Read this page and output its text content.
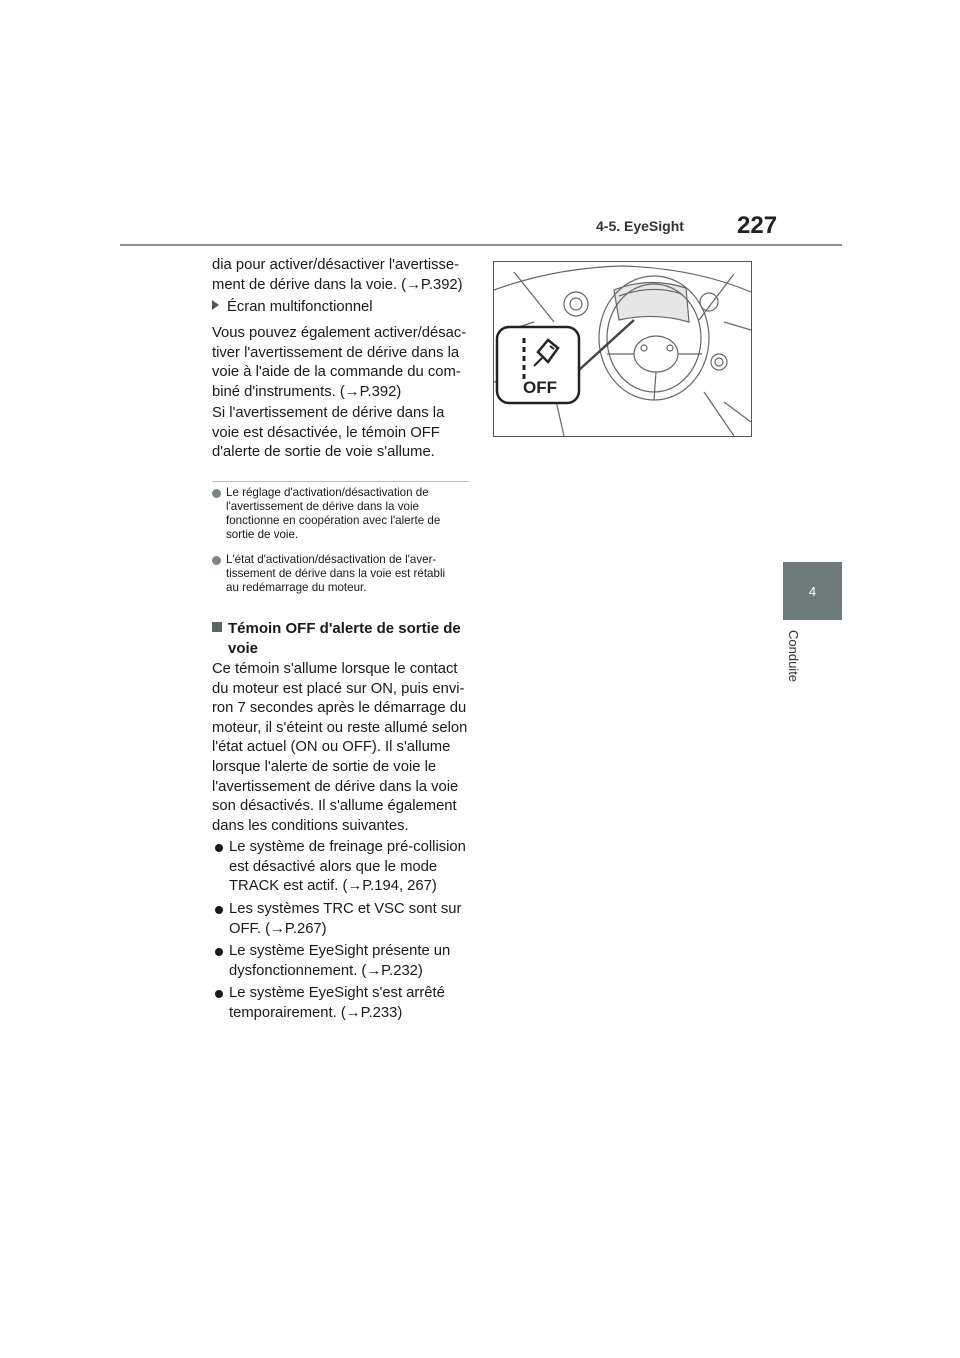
4-5. EyeSight 227
4
Conduite
dia pour activer/désactiver l'avertisse-
ment de dérive dans la voie. (→P.392)
Écran multifonctionnel
Vous pouvez également activer/désac-
tiver l'avertissement de dérive dans la
voie à l'aide de la commande du com-
biné d'instruments. (→P.392)
Si l'avertissement de dérive dans la
voie est désactivée, le témoin OFF
d'alerte de sortie de voie s'allume.
Le réglage d'activation/désactivation de
l'avertissement de dérive dans la voie
fonctionne en coopération avec l'alerte de
sortie de voie.
L'état d'activation/désactivation de l'aver-
tissement de dérive dans la voie est rétabli
au redémarrage du moteur.
Témoin OFF d'alerte de sortie de
voie
Ce témoin s'allume lorsque le contact
du moteur est placé sur ON, puis envi-
ron 7 secondes après le démarrage du
moteur, il s'éteint ou reste allumé selon
l'état actuel (ON ou OFF). Il s'allume
lorsque l'alerte de sortie de voie le
l'avertissement de dérive dans la voie
son désactivés. Il s'allume également
dans les conditions suivantes.
Le système de freinage pré-collision
est désactivé alors que le mode
TRACK est actif. (→P.194, 267)
Les systèmes TRC et VSC sont sur
OFF. (→P.267)
Le système EyeSight présente un
dysfonctionnement. (→P.232)
Le système EyeSight s'est arrêté
temporairement. (→P.233)
OFF
